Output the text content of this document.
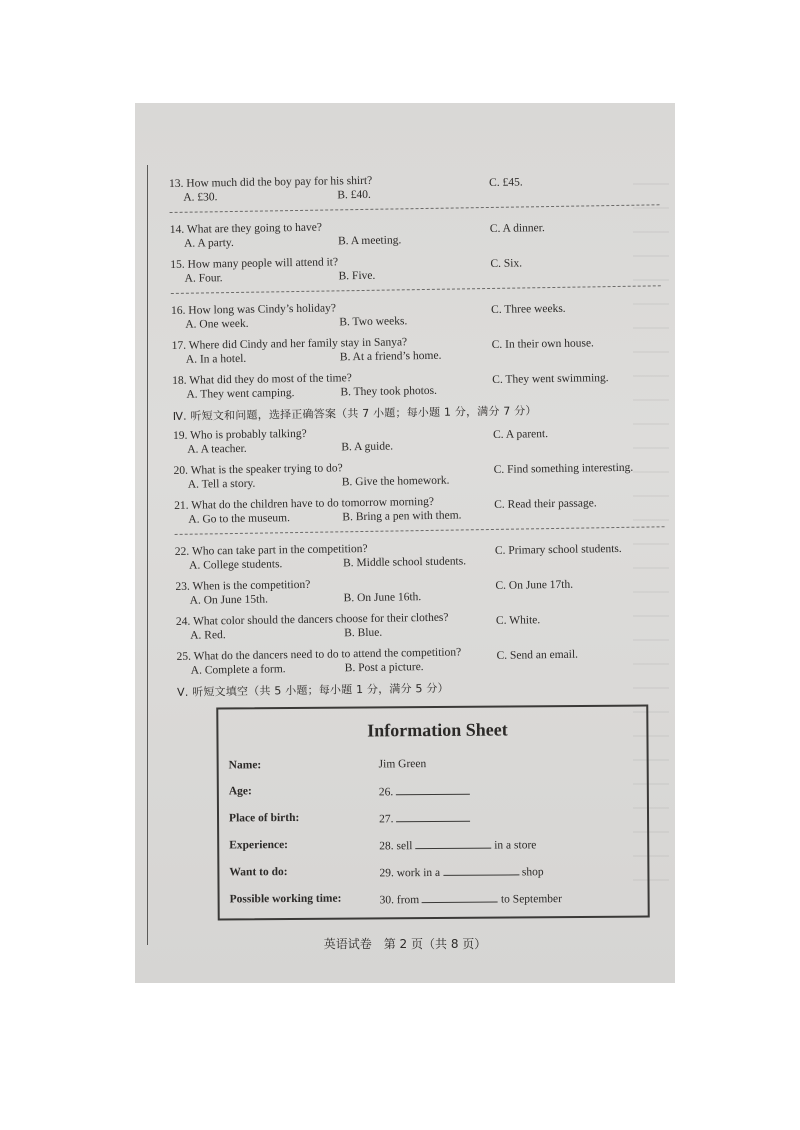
13. How much did the boy pay for his shirt?
A. £30.	B. £40.
C. £45.
14. What are they going to have?
A. A party.	B. A meeting.
C. A dinner.
15. How many people will attend it?
A. Four.	B. Five.
C. Six.
16. How long was Cindy’s holiday?
A. One week.	B. Two weeks.
C. Three weeks.
17. Where did Cindy and her family stay in Sanya?
A. In a hotel.	B. At a friend’s home.
C. In their own house.
18. What did they do most of the time?
A. They went camping.	B. They took photos.
C. They went swimming.
Ⅳ. 听短文和问题，选择正确答案（共 7 小题；每小题 1 分，满分 7 分）
19. Who is probably talking?
A. A teacher.	B. A guide.
C. A parent.
20. What is the speaker trying to do?
A. Tell a story.	B. Give the homework.
C. Find something interesting.
21. What do the children have to do tomorrow morning?
A. Go to the museum.	B. Bring a pen with them.
C. Read their passage.
22. Who can take part in the competition?
A. College students.	B. Middle school students.
C. Primary school students.
23. When is the competition?
A. On June 15th.	B. On June 16th.
C. On June 17th.
24. What color should the dancers choose for their clothes?
A. Red.	B. Blue.
C. White.
25. What do the dancers need to do to attend the competition?
A. Complete a form.	B. Post a picture.
C. Send an email.
Ⅴ. 听短文填空（共 5 小题；每小题 1 分，满分 5 分）
Information Sheet
Name:	Jim Green
Age:	26.
Place of birth:	27.
Experience:	28. sell	in a store
Want to do:	29. work in a	shop
Possible working time:	30. from	to September
英语试卷　第 2 页（共 8 页）
